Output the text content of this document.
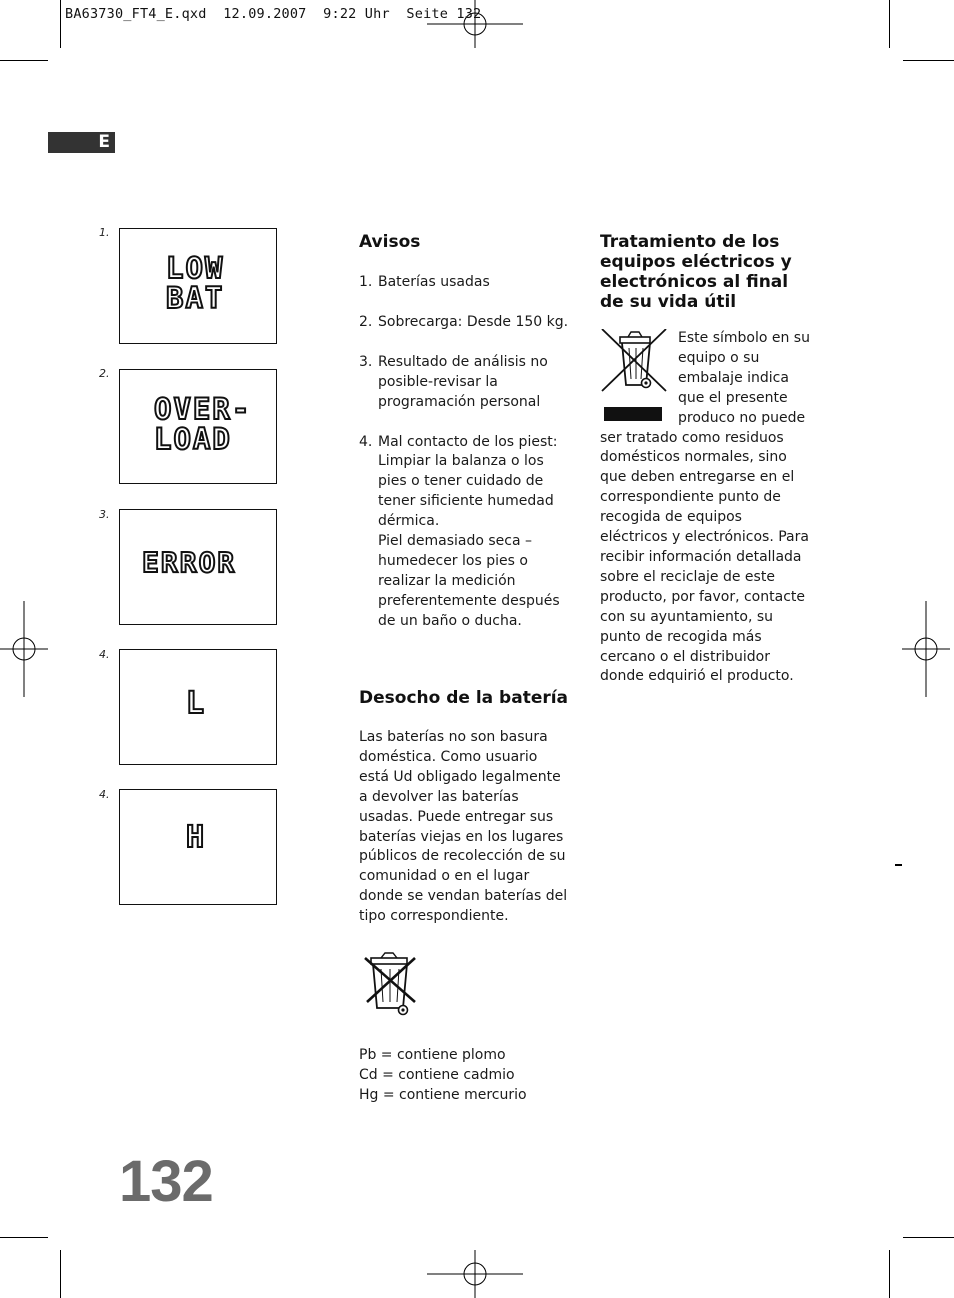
BA63730_FT4_E.qxd  12.09.2007  9:22 Uhr  Seite 132
E
1.
LOW BAT
2.
OVER- LOAD
3.
ERROR
4.
L
4.
H
Avisos
1. Baterías usadas
2. Sobrecarga: Desde 150 kg.
3. Resultado de análisis no posible-revisar la programación personal
4. Mal contacto de los piest: Limpiar la balanza o los pies o tener cuidado de tener sificiente humedad dérmica.
Piel demasiado seca – humedecer los pies o realizar la medición preferentemente después de un baño o ducha.
Desocho de la batería
Las baterías no son basura doméstica. Como usuario está Ud obligado legalmente a devolver las baterías usadas. Puede entregar sus baterías viejas en los lugares públicos de recolección de su comunidad o en el lugar donde se vendan baterías del tipo correspondiente.
Pb = contiene plomo
Cd = contiene cadmio
Hg = contiene mercurio
Tratamiento de los equipos eléctricos y electrónicos al final de su vida útil
Este símbolo en su equipo o su embalaje indica que el presente produco no puede ser tratado como residuos domésticos normales, sino que deben entregarse en el correspondiente punto de recogida de equipos eléctricos y electrónicos. Para recibir información detallada sobre el reciclaje de este producto, por favor, contacte con su ayuntamiento, su punto de recogida más cercano o el distribuidor donde edquirió el producto.
132
